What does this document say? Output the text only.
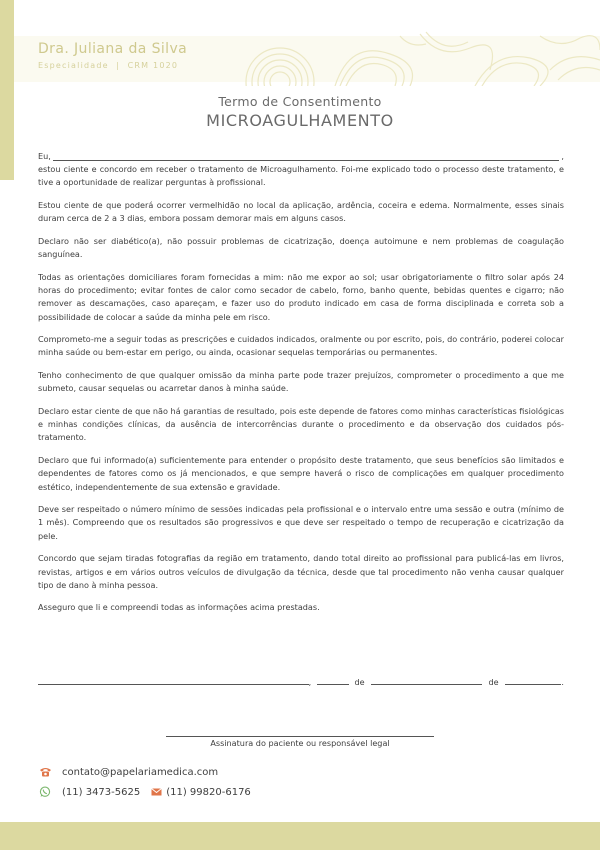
Dra. Juliana da Silva
Especialidade  |  CRM 1020
Termo de Consentimento
MICROAGULHAMENTO

Eu,	,

estou ciente e concordo em receber o tratamento de Microagulhamento. Foi-me explicado todo o processo deste tratamento, e tive a oportunidade de realizar perguntas à profissional.

Estou ciente de que poderá ocorrer vermelhidão no local da aplicação, ardência, coceira e edema. Normalmente, esses sinais duram cerca de 2 a 3 dias, embora possam demorar mais em alguns casos.

Declaro não ser diabético(a), não possuir problemas de cicatrização, doença autoimune e nem problemas de coagulação sanguínea.

Todas as orientações domiciliares foram fornecidas a mim: não me expor ao sol; usar obrigatoriamente o filtro solar após 24 horas do procedimento; evitar fontes de calor como secador de cabelo, forno, banho quente, bebidas quentes e cigarro; não remover as descamações, caso apareçam, e fazer uso do produto indicado em casa de forma disciplinada e correta sob a possibilidade de colocar a saúde da minha pele em risco.

Comprometo-me a seguir todas as prescrições e cuidados indicados, oralmente ou por escrito, pois, do contrário, poderei colocar minha saúde ou bem-estar em perigo, ou ainda, ocasionar sequelas temporárias ou permanentes.

Tenho conhecimento de que qualquer omissão da minha parte pode trazer prejuízos, comprometer o procedimento a que me submeto, causar sequelas ou acarretar danos à minha saúde.

Declaro estar ciente de que não há garantias de resultado, pois este depende de fatores como minhas características fisiológicas e minhas condições clínicas, da ausência de intercorrências durante o procedimento e da observação dos cuidados pós-tratamento.

Declaro que fui informado(a) suficientemente para entender o propósito deste tratamento, que seus benefícios são limitados e dependentes de fatores como os já mencionados, e que sempre haverá o risco de complicações em qualquer procedimento estético, independentemente de sua extensão e gravidade.

Deve ser respeitado o número mínimo de sessões indicadas pela profissional e o intervalo entre uma sessão e outra (mínimo de 1 mês). Compreendo que os resultados são progressivos e que deve ser respeitado o tempo de recuperação e cicatrização da pele.

Concordo que sejam tiradas fotografias da região em tratamento, dando total direito ao profissional para publicá-las em livros, revistas, artigos e em vários outros veículos de divulgação da técnica, desde que tal procedimento não venha causar qualquer tipo de dano à minha pessoa.

Asseguro que li e compreendi todas as informações acima prestadas.

,	de	de	.
Assinatura do paciente ou responsável legal
contato@papelariamedica.com
(11) 3473-5625	(11) 99820-6176
